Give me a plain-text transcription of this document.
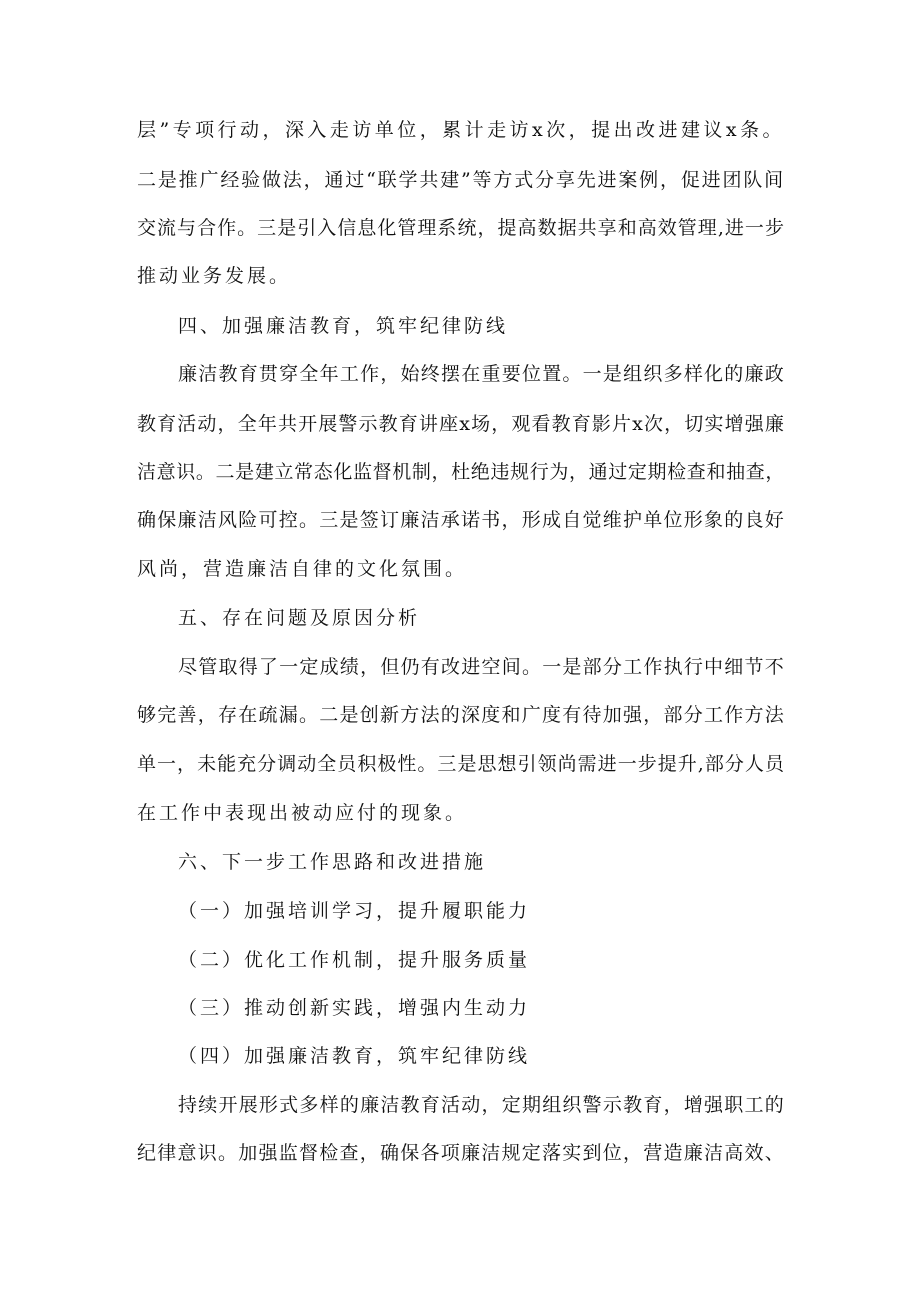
层”专项行动，深入走访单位，累计走访x次，提出改进建议x条。
二是推广经验做法，通过“联学共建”等方式分享先进案例，促进团队间
交流与合作。三是引入信息化管理系统，提高数据共享和高效管理,进一步
推动业务发展。
四、加强廉洁教育，筑牢纪律防线
廉洁教育贯穿全年工作，始终摆在重要位置。一是组织多样化的廉政
教育活动，全年共开展警示教育讲座x场，观看教育影片x次，切实增强廉
洁意识。二是建立常态化监督机制，杜绝违规行为，通过定期检查和抽查，
确保廉洁风险可控。三是签订廉洁承诺书，形成自觉维护单位形象的良好
风尚，营造廉洁自律的文化氛围。
五、存在问题及原因分析
尽管取得了一定成绩，但仍有改进空间。一是部分工作执行中细节不
够完善，存在疏漏。二是创新方法的深度和广度有待加强，部分工作方法
单一，未能充分调动全员积极性。三是思想引领尚需进一步提升,部分人员
在工作中表现出被动应付的现象。
六、下一步工作思路和改进措施
（一）加强培训学习，提升履职能力
（二）优化工作机制，提升服务质量
（三）推动创新实践，增强内生动力
（四）加强廉洁教育，筑牢纪律防线
持续开展形式多样的廉洁教育活动，定期组织警示教育，增强职工的
纪律意识。加强监督检查，确保各项廉洁规定落实到位，营造廉洁高效、
